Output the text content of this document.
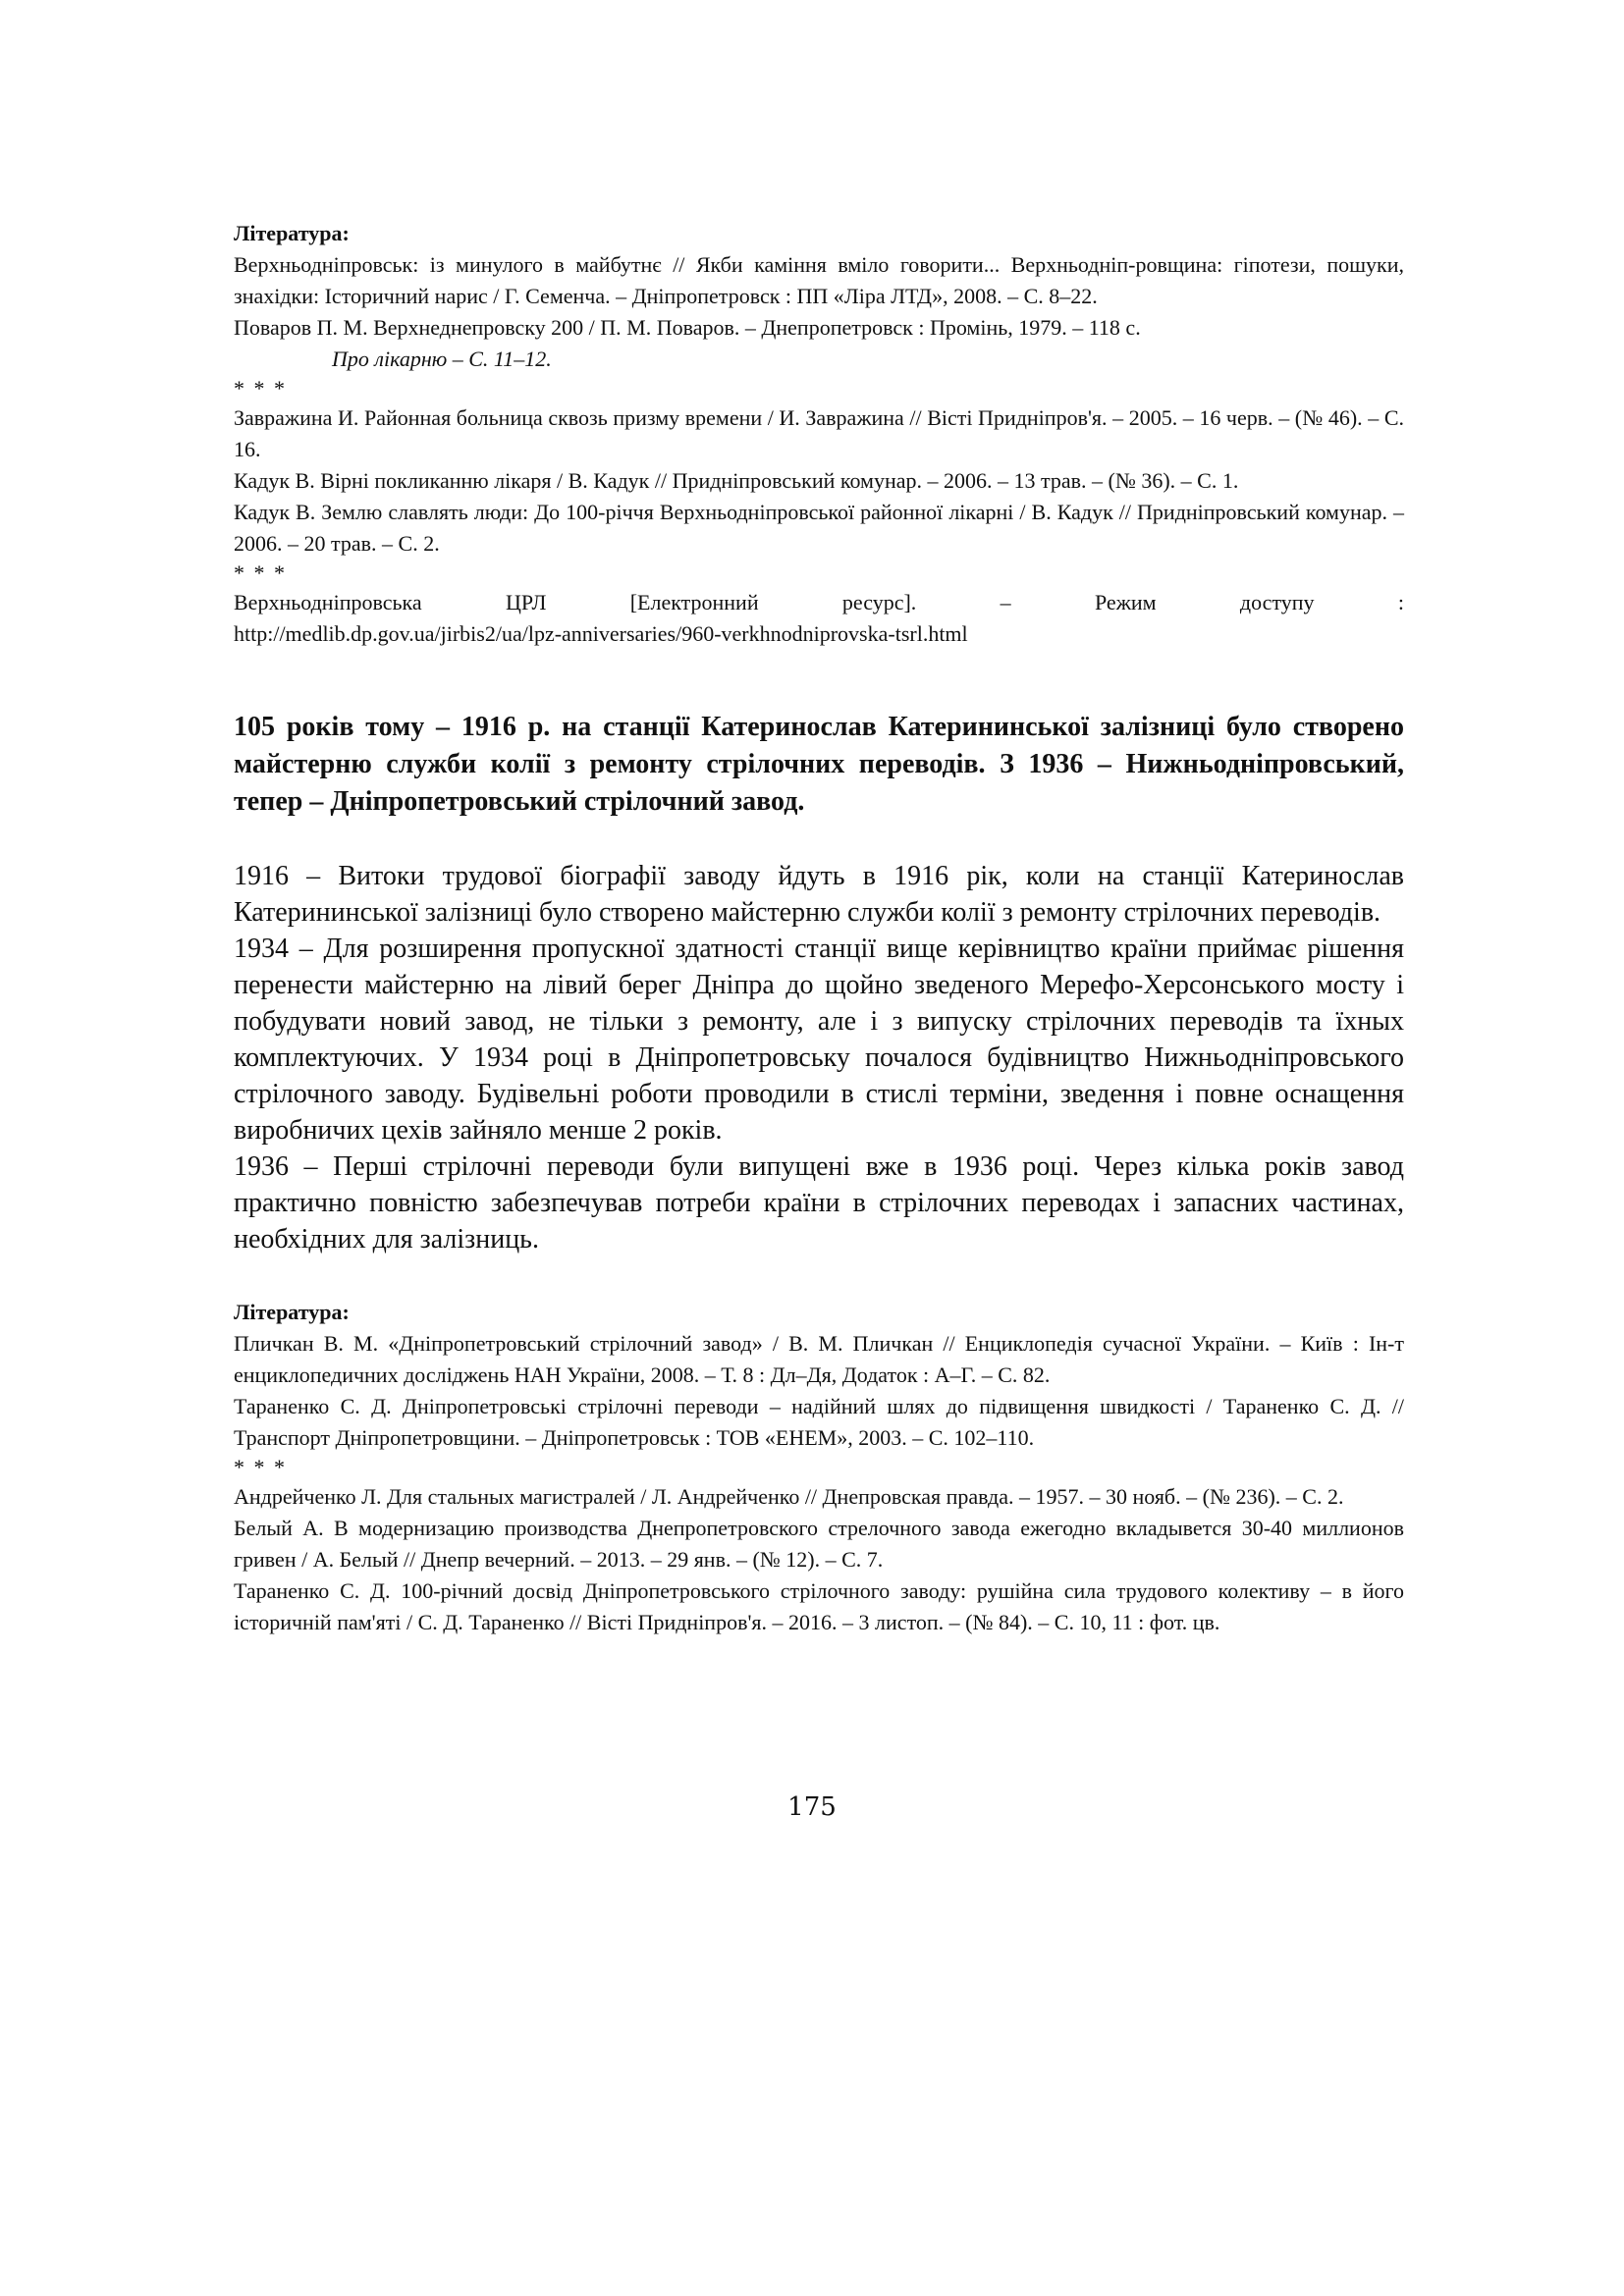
Література:
Верхньодніпровськ: із минулого в майбутнє // Якби каміння вміло говорити... Верхньодніп-ровщина: гіпотези, пошуки, знахідки: Історичний нарис / Г. Семенча. – Дніпропетровск : ПП «Ліра ЛТД», 2008. – С. 8–22.
Поваров П. М. Верхнеднепровску 200 / П. М. Поваров. – Днепропетровск : Промінь, 1979. – 118 с.
Про лікарню – С. 11–12.
* * *
Завражина И. Районная больница сквозь призму времени / И. Завражина // Вісті Придніпров'я. – 2005. – 16 черв. – (№ 46). – С. 16.
Кадук В. Вірні покликанню лікаря / В. Кадук // Придніпровський комунар. – 2006. – 13 трав. – (№ 36). – С. 1.
Кадук В. Землю славлять люди: До 100-річчя Верхньодніпровської районної лікарні / В. Кадук // Придніпровський комунар. – 2006. – 20 трав. – С. 2.
* * *
Верхньодніпровська ЦРЛ [Електронний ресурс]. – Режим доступу :
http://medlib.dp.gov.ua/jirbis2/ua/lpz-anniversaries/960-verkhnodniprovska-tsrl.html
105 років тому – 1916 р. на станції Катеринослав Катерининської залізниці було створено майстерню служби колії з ремонту стрілочних переводів. З 1936 – Нижньодніпровський, тепер – Дніпропетровський стрілочний завод.

1916 – Витоки трудової біографії заводу йдуть в 1916 рік, коли на станції Катеринослав Катерининської залізниці було створено майстерню служби колії з ремонту стрілочних переводів.

1934 – Для розширення пропускної здатності станції вище керівництво країни приймає рішення перенести майстерню на лівий берег Дніпра до щойно зведеного Мерефо-Херсонського мосту і побудувати новий завод, не тільки з ремонту, але і з випуску стрілочних переводів та їхных комплектуючих. У 1934 році в Дніпропетровську почалося будівництво Нижньодніпровського стрілочного заводу. Будівельні роботи проводили в стислі терміни, зведення і повне оснащення виробничих цехів зайняло менше 2 років.

1936 – Перші стрілочні переводи були випущені вже в 1936 році. Через кілька років завод практично повністю забезпечував потреби країни в стрілочних переводах і запасних частинах, необхідних для залізниць.

Література:
Пличкан В. М. «Дніпропетровський стрілочний завод» / В. М. Пличкан // Енциклопедія сучасної України. – Київ : Ін-т енциклопедичних досліджень НАН України, 2008. – Т. 8 : Дл–Дя, Додаток : А–Г. – С. 82.
Тараненко С. Д. Дніпропетровські стрілочні переводи – надійний шлях до підвищення швидкості / Тараненко С. Д. // Транспорт Дніпропетровщини. – Дніпропетровськ : ТОВ «ЕНЕМ», 2003. – С. 102–110.
* * *
Андрейченко Л. Для стальных магистралей / Л. Андрейченко // Днепровская правда. – 1957. – 30 нояб. – (№ 236). – С. 2.
Белый А. В модернизацию производства Днепропетровского стрелочного завода ежегодно вкладывется 30-40 миллионов гривен / А. Белый // Днепр вечерний. – 2013. – 29 янв. – (№ 12). – С. 7.
Тараненко С. Д. 100-річний досвід Дніпропетровського стрілочного заводу: рушійна сила трудового колективу – в його історичній пам'яті / С. Д. Тараненко // Вісті Придніпров'я. – 2016. – 3 листоп. – (№ 84). – С. 10, 11 : фот. цв.
175
